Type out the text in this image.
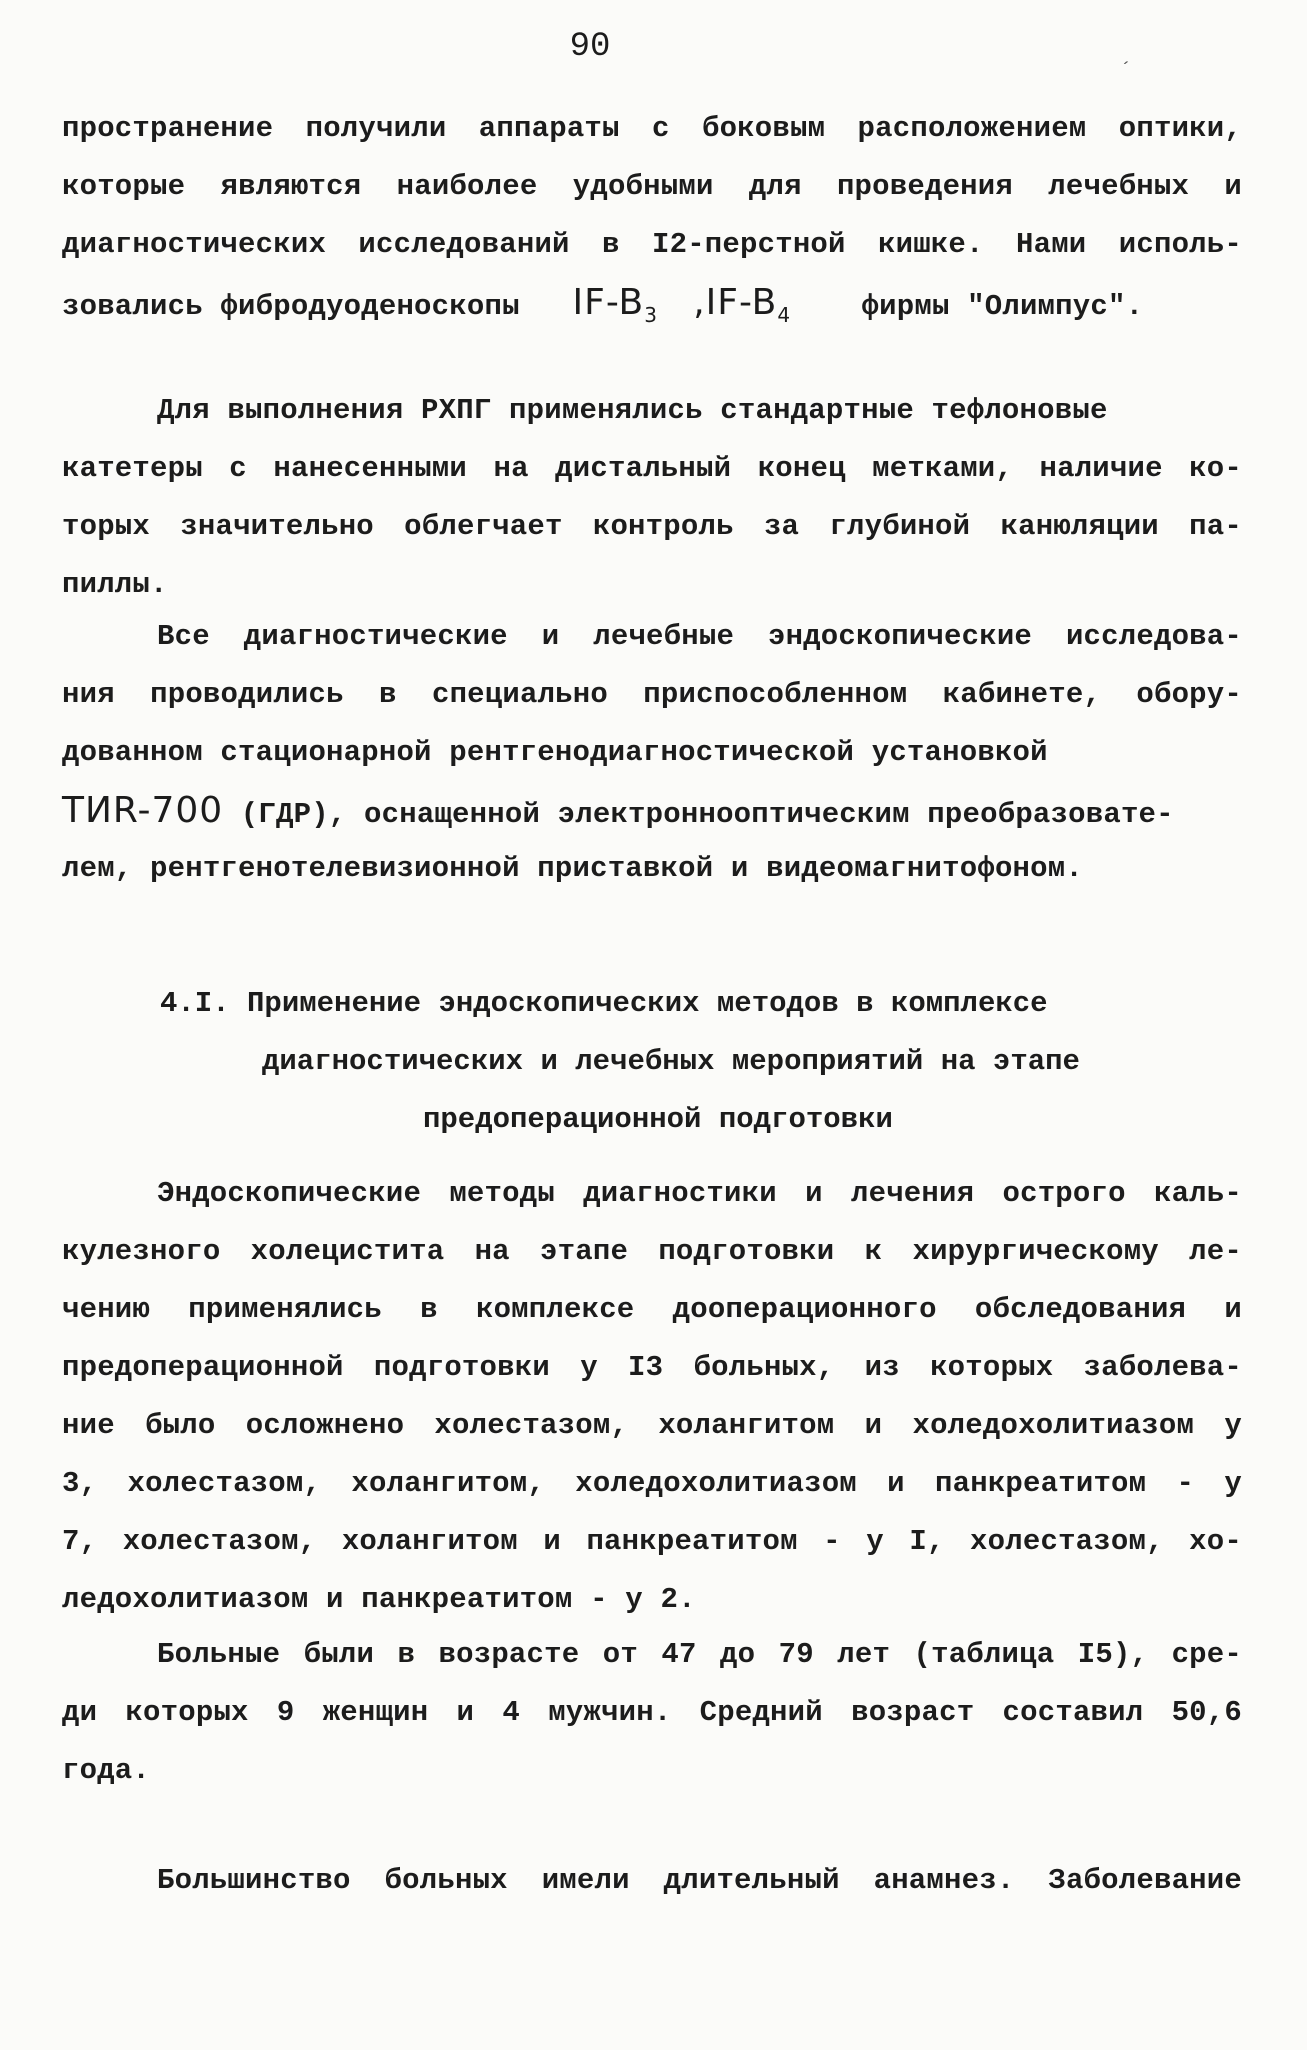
90
´
пространение получили аппараты с боковым расположением оптики,
которые являются наиболее удобными для проведения лечебных и
диагностических исследований в I2-перстной кишке. Нами исполь-
зовались фибродуоденоскопы $IF-B_3$ $,IF-B_4$ фирмы "Олимпус".
Для выполнения РХПГ применялись стандартные тефлоновые
катетеры с нанесенными на дистальный конец метками, наличие ко-
торых значительно облегчает контроль за глубиной канюляции па-
пиллы.
Все диагностические и лечебные эндоскопические исследова-
ния проводились в специально приспособленном кабинете, обору-
дованном стационарной рентгенодиагностической установкой
ТИR-700 (ГДР), оснащенной электроннооптическим преобразовате-
лем, рентгенотелевизионной приставкой и видеомагнитофоном.
4.I. Применение эндоскопических методов в комплексе
диагностических и лечебных мероприятий на этапе
предоперационной подготовки
Эндоскопические методы диагностики и лечения острого каль-
кулезного холецистита на этапе подготовки к хирургическому ле-
чению применялись в комплексе дооперационного обследования и
предоперационной подготовки у I3 больных, из которых заболева-
ние было осложнено холестазом, холангитом и холедохолитиазом у
3, холестазом, холангитом, холедохолитиазом и панкреатитом - у
7, холестазом, холангитом и панкреатитом - у I, холестазом, хо-
ледохолитиазом и панкреатитом - у 2.
Больные были в возрасте от 47 до 79 лет (таблица I5), сре-
ди которых 9 женщин и 4 мужчин. Средний возраст составил 50,6
года.
Большинство больных имели длительный анамнез. Заболевание
